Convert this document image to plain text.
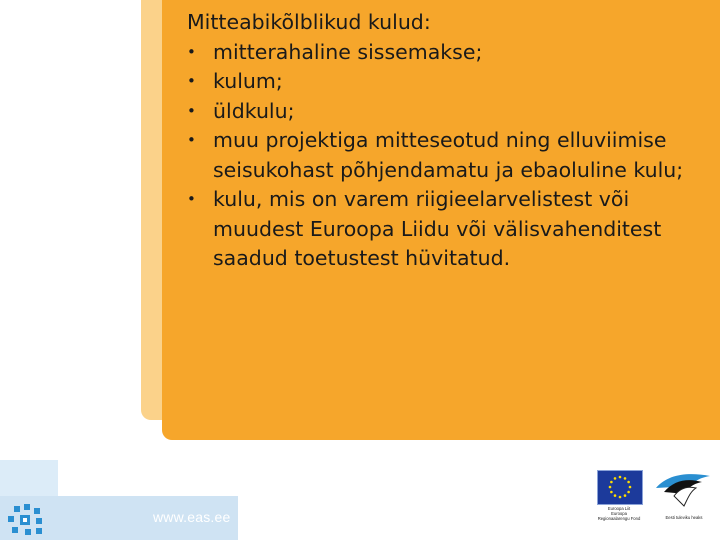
Mitteabikõlblikud kulud:

• mitterahaline sissemakse;
• kulum;
• üldkulu;
• muu projektiga mitteseotud ning elluviimise seisukohast põhjendamatu ja ebaoluline kulu;
• kulu, mis on varem riigieelarvelistest või muudest Euroopa Liidu või välisvahenditest saadud toetustest hüvitatud.
www.eas.ee
Euroopa Liit
Euroopa
Regionaalarengu Fond	Eesti tuleviku heaks
